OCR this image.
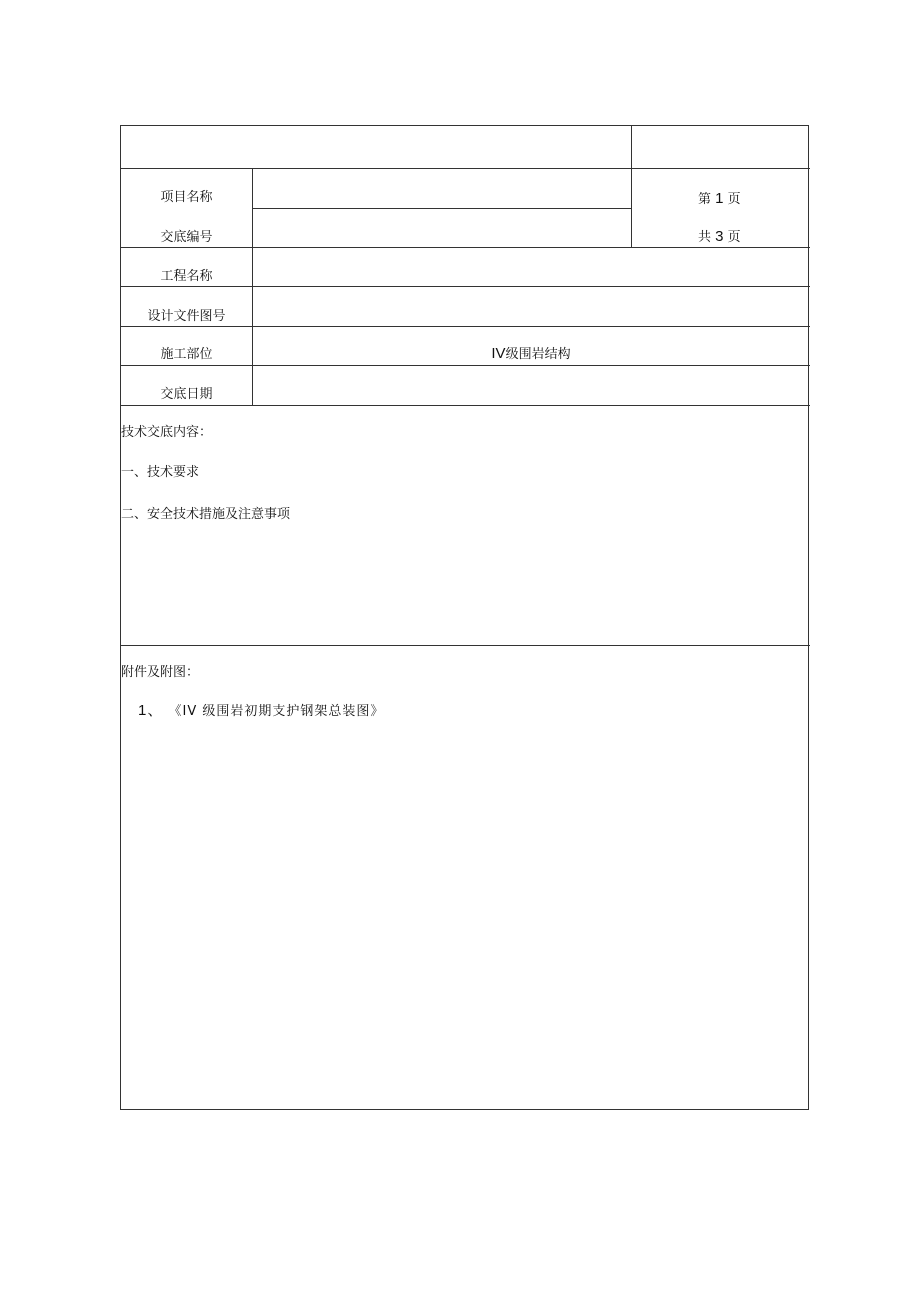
项目名称
交底编号
工程名称
设计文件图号
施工部位
交底日期
IV级围岩结构
第 1 页
共 3 页
技术交底内容：
一、技术要求
二、安全技术措施及注意事项
附件及附图：
1、 《IV 级围岩初期支护钢架总装图》
